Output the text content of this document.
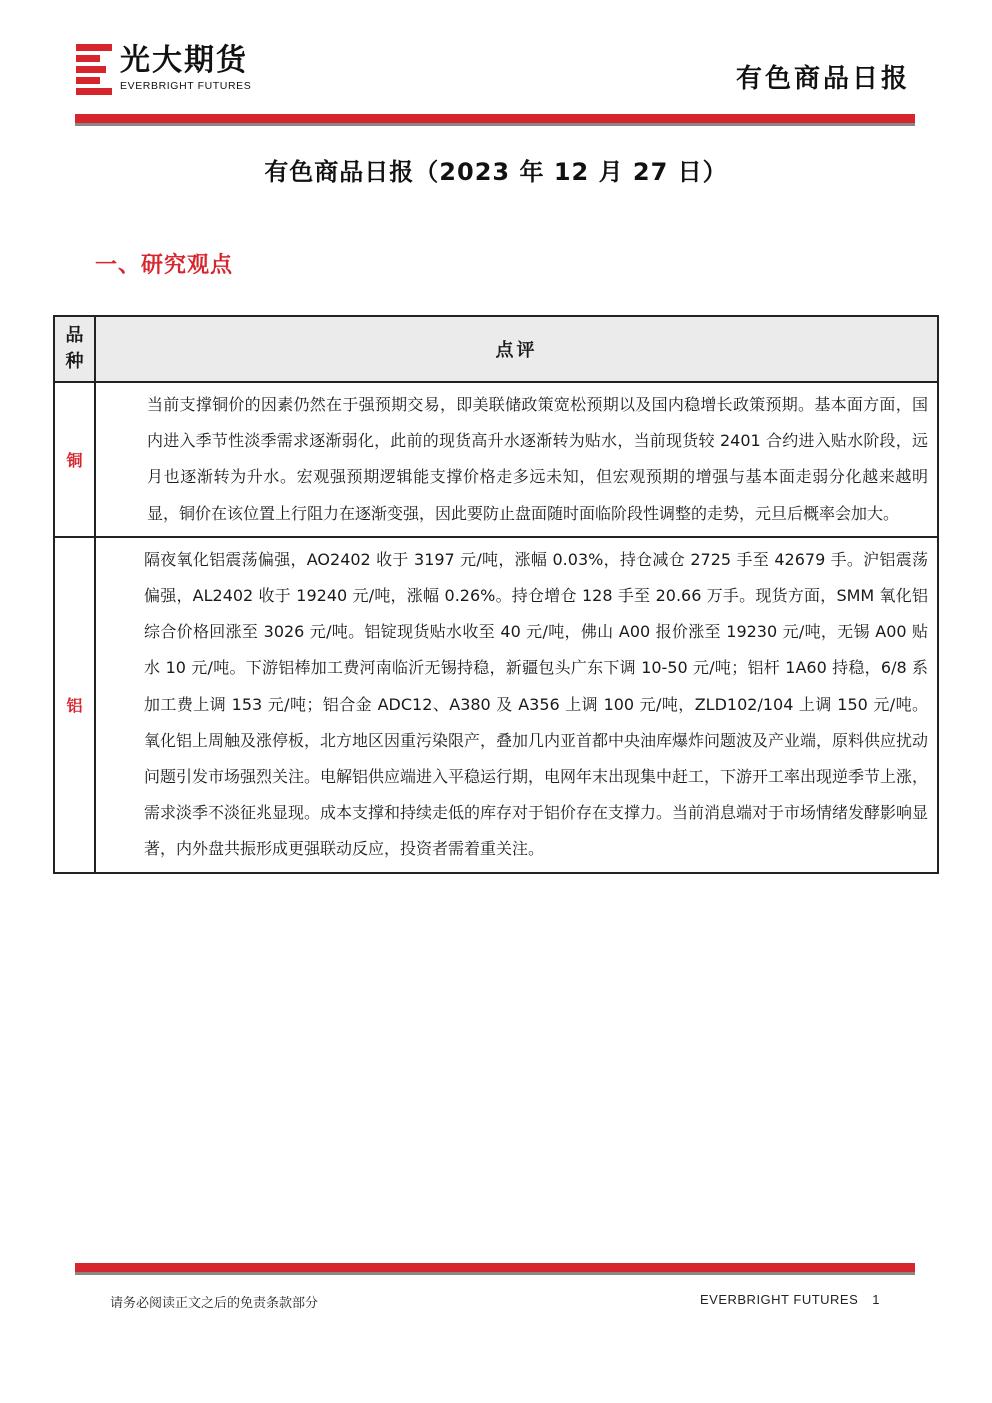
光大期货
EVERBRIGHT FUTURES	有色商品日报
有色商品日报（2023 年 12 月 27 日）
一、研究观点
品
种	点评
铜	当前支撑铜价的因素仍然在于强预期交易，即美联储政策宽松预期以及国内稳增长政策预期。基本面方面，国内进入季节性淡季需求逐渐弱化，此前的现货高升水逐渐转为贴水，当前现货较 2401 合约进入贴水阶段，远月也逐渐转为升水。宏观强预期逻辑能支撑价格走多远未知，但宏观预期的增强与基本面走弱分化越来越明显，铜价在该位置上行阻力在逐渐变强，因此要防止盘面随时面临阶段性调整的走势，元旦后概率会加大。
铝	隔夜氧化铝震荡偏强，AO2402 收于 3197 元/吨，涨幅 0.03%，持仓减仓 2725 手至 42679 手。沪铝震荡偏强，AL2402 收于 19240 元/吨，涨幅 0.26%。持仓增仓 128 手至 20.66 万手。现货方面，SMM 氧化铝综合价格回涨至 3026 元/吨。铝锭现货贴水收至 40 元/吨，佛山 A00 报价涨至 19230 元/吨，无锡 A00 贴水 10 元/吨。下游铝棒加工费河南临沂无锡持稳，新疆包头广东下调 10-50 元/吨；铝杆 1A60 持稳，6/8 系加工费上调 153 元/吨；铝合金 ADC12、A380 及 A356 上调 100 元/吨，ZLD102/104 上调 150 元/吨。氧化铝上周触及涨停板，北方地区因重污染限产，叠加几内亚首都中央油库爆炸问题波及产业端，原料供应扰动问题引发市场强烈关注。电解铝供应端进入平稳运行期，电网年末出现集中赶工，下游开工率出现逆季节上涨，需求淡季不淡征兆显现。成本支撑和持续走低的库存对于铝价存在支撑力。当前消息端对于市场情绪发酵影响显著，内外盘共振形成更强联动反应，投资者需着重关注。
请务必阅读正文之后的免责条款部分	EVERBRIGHT FUTURES 1
